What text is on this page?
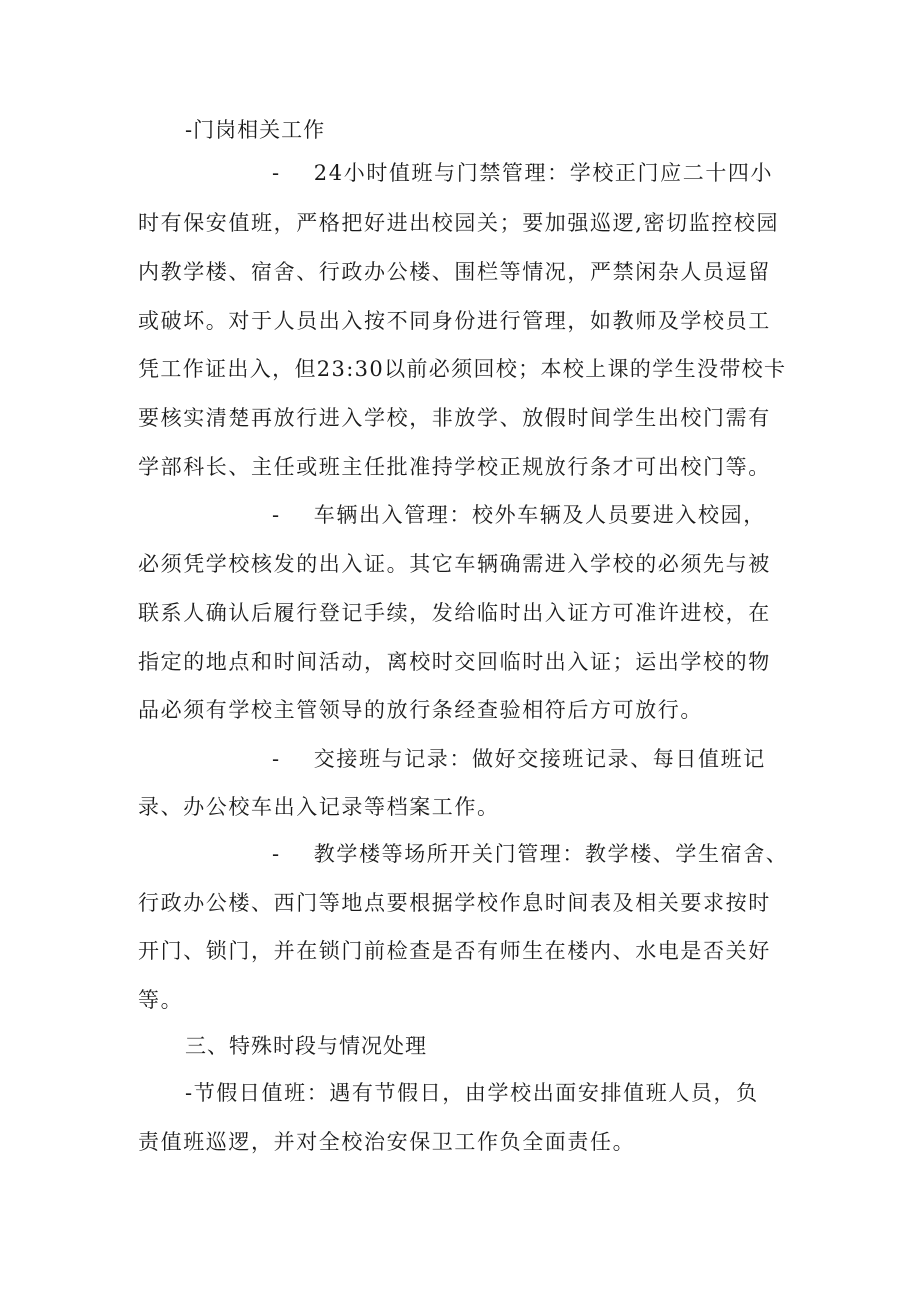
-门岗相关工作
-    24小时值班与门禁管理：学校正门应二十四小
时有保安值班，严格把好进出校园关；要加强巡逻,密切监控校园
内教学楼、宿舍、行政办公楼、围栏等情况，严禁闲杂人员逗留
或破坏。对于人员出入按不同身份进行管理，如教师及学校员工
凭工作证出入，但23:30以前必须回校；本校上课的学生没带校卡
要核实清楚再放行进入学校，非放学、放假时间学生出校门需有
学部科长、主任或班主任批准持学校正规放行条才可出校门等。
-    车辆出入管理：校外车辆及人员要进入校园，
必须凭学校核发的出入证。其它车辆确需进入学校的必须先与被
联系人确认后履行登记手续，发给临时出入证方可准许进校，在
指定的地点和时间活动，离校时交回临时出入证；运出学校的物
品必须有学校主管领导的放行条经查验相符后方可放行。
-    交接班与记录：做好交接班记录、每日值班记
录、办公校车出入记录等档案工作。
-    教学楼等场所开关门管理：教学楼、学生宿舍、
行政办公楼、西门等地点要根据学校作息时间表及相关要求按时
开门、锁门，并在锁门前检查是否有师生在楼内、水电是否关好
等。
三、特殊时段与情况处理
-节假日值班：遇有节假日，由学校出面安排值班人员，负
责值班巡逻，并对全校治安保卫工作负全面责任。
